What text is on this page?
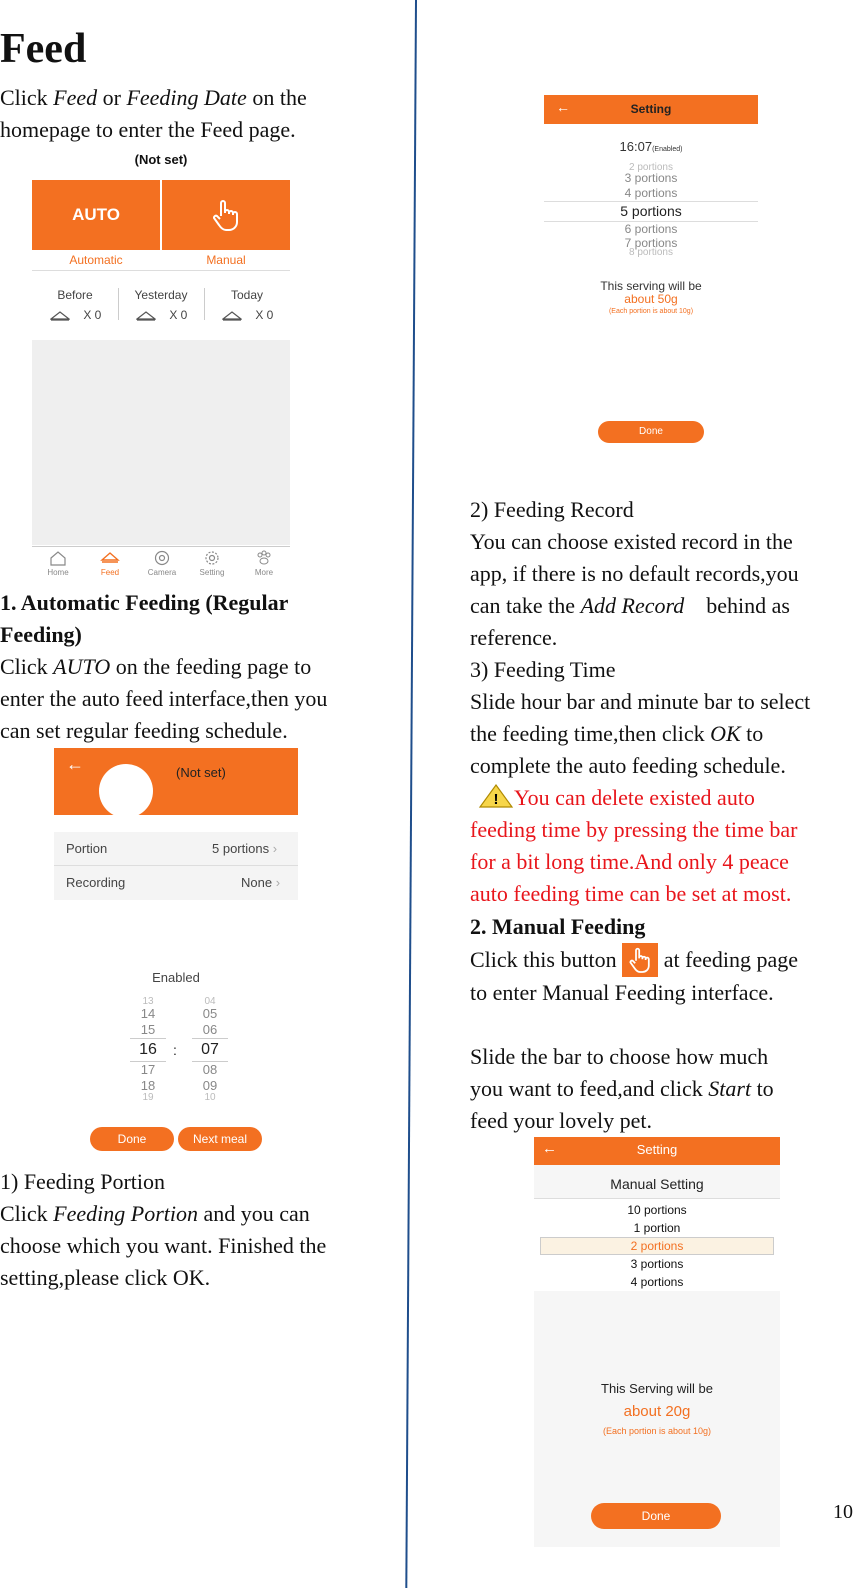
Feed
Click Feed or Feeding Date on the
homepage to enter the Feed page.
(Not set)
AUTO
Automatic	Manual
Before	Yesterday	Today
X 0	X 0	X 0

Home	Feed	Camera	Setting	More
1. Automatic Feeding (Regular
Feeding)
Click AUTO on the feeding page to
enter the auto feed interface,then you
can set regular feeding schedule.
←	(Not set)
Portion	5 portions ›
Recording	None ›
Enabled
13
14
15
16
17
18
19
:
04
05
06
07
08
09
10
Done	Next meal
1) Feeding Portion
Click Feeding Portion and you can
choose which you want. Finished the
setting,please click OK.
←	Setting
16:07(Enabled)
2 portions
3 portions
4 portions
5 portions
6 portions
7 portions
8 portions
This serving will be
about 50g
(Each portion is about 10g)
Done
2) Feeding Record
You can choose existed record in the
app, if there is no default records,you
can take the Add Record    behind as
reference.
3) Feeding Time
Slide hour bar and minute bar to select
the feeding time,then click OK to
complete the auto feeding schedule.

! You can delete existed auto
feeding time by pressing the time bar
for a bit long time.And only 4 peace
auto feeding time can be set at most.
2. Manual Feeding
Click this button
at feeding page
to enter Manual Feeding interface.

Slide the bar to choose how much
you want to feed,and click Start to
feed your lovely pet.
←	Setting
Manual Setting
10 portions
1 portion
2 portions
3 portions
4 portions
This Serving will be
about 20g
(Each portion is about 10g)
Done	10
